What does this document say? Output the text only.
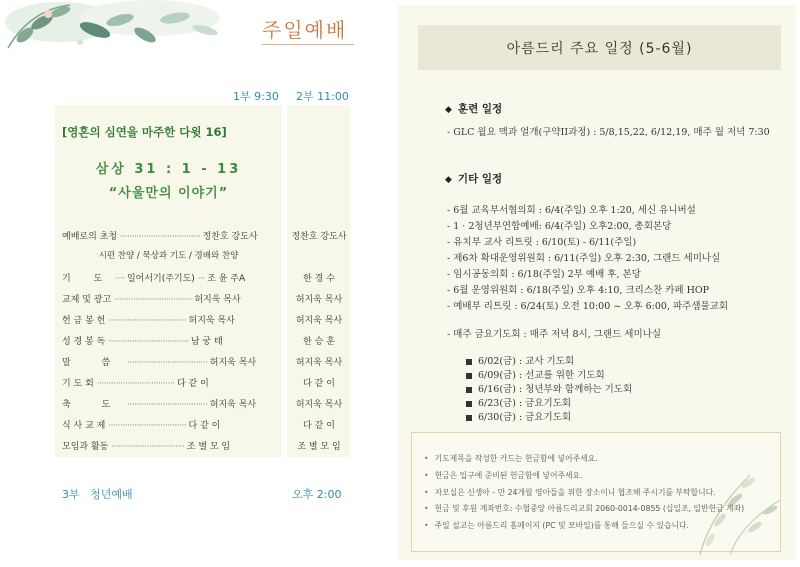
주일예배
1부 9:30 2부 11:00
[영혼의 심연을 마주한 다윗 16]
삼상 31 : 1 - 13
“사울만의 이야기”
예배로의 초청 ·································· 정찬호 강도사	정찬호 강도사
시편 찬양 / 묵상과 기도 / 경배와 찬양
기 도 ···· 일어서기(주기도) ··· 조 윤 주A	한 경 수
교제 및 광고 ································· 허지욱 목사	허지욱 목사
헌 금 봉 헌 ································· 허지욱 목사	허지욱 목사
성 경 봉 독 ·································· 남 궁 태	한 승 훈
말 씀 ·································· 허지욱 목사	허지욱 목사
기 도 회 ································· 다 같 이	다 같 이
축 도 ·································· 허지욱 목사	허지욱 목사
식 사 교 제 ································· 다 같 이	다 같 이
모임과 활동 ······························· 조 별 모 임	조 별 모 임
3부   청년예배	오후 2:00
아름드리 주요 일정 (5-6월)
◆ 훈련 일정
- GLC 월요 맥과 얼개(구약II과정) : 5/8,15,22, 6/12,19, 매주 월 저녁 7:30
◆ 기타 일정
- 6월 교육부서협의회 : 6/4(주일) 오후 1:20, 세신 유니버설
- 1 · 2청년부연합예배: 6/4(주일) 오후2:00, 총회본당
- 유치부 교사 리트릿 : 6/10(토) - 6/11(주일)
- 제6차 확대운영위원회 : 6/11(주일) 오후 2:30, 그랜드 세미나실
- 임시공동의회 : 6/18(주일) 2부 예배 후, 본당
- 6월 운영위원회 : 6/18(주일) 오후 4:10, 크리스찬 카페 HOP
- 예배부 리트릿 : 6/24(토) 오전 10:00 ~ 오후 6:00, 파주샘물교회
- 매주 금요기도회 : 매주 저녁 8시, 그랜드 세미나실
6/02(금) : 교사 기도회
6/09(금) : 선교를 위한 기도회
6/16(금) : 청년부와 함께하는 기도회
6/23(금) : 금요기도회
6/30(금) : 금요기도회
• 기도제목을 작성한 카드는 헌금함에 넣어주세요.
• 헌금은 입구에 준비된 헌금함에 넣어주세요.
• 자모실은 신생아 - 만 24개월 영아들을 위한 장소이니 협조해 주시기를 부탁합니다.
• 헌금 및 후원 계좌번호: 수협중앙 아름드리교회 2060-0014-0855 (십일조, 일반헌금 계좌)
• 주일 설교는 아름드리 홈페이지 (PC 및 모바일)를 통해 들으실 수 있습니다.
